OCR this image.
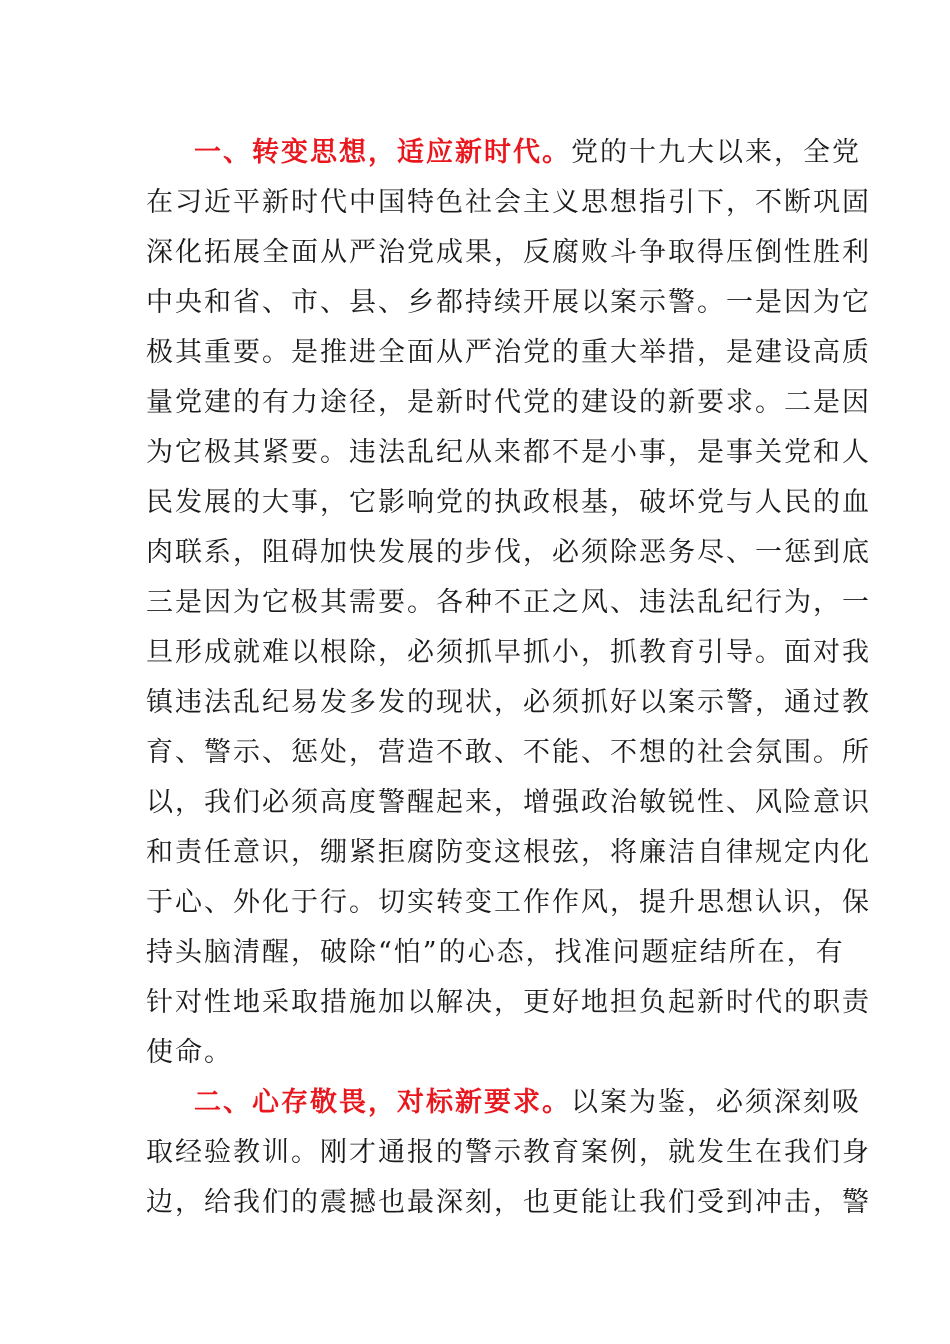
一、转变思想，适应新时代。党的十九大以来，全党
在习近平新时代中国特色社会主义思想指引下，不断巩固
深化拓展全面从严治党成果，反腐败斗争取得压倒性胜利
中央和省、市、县、乡都持续开展以案示警。一是因为它
极其重要。是推进全面从严治党的重大举措，是建设高质
量党建的有力途径，是新时代党的建设的新要求。二是因
为它极其紧要。违法乱纪从来都不是小事，是事关党和人
民发展的大事，它影响党的执政根基，破坏党与人民的血
肉联系，阻碍加快发展的步伐，必须除恶务尽、一惩到底
三是因为它极其需要。各种不正之风、违法乱纪行为，一
旦形成就难以根除，必须抓早抓小，抓教育引导。面对我
镇违法乱纪易发多发的现状，必须抓好以案示警，通过教
育、警示、惩处，营造不敢、不能、不想的社会氛围。所
以，我们必须高度警醒起来，增强政治敏锐性、风险意识
和责任意识，绷紧拒腐防变这根弦，将廉洁自律规定内化
于心、外化于行。切实转变工作作风，提升思想认识，保
持头脑清醒，破除“怕”的心态，找准问题症结所在，有
针对性地采取措施加以解决，更好地担负起新时代的职责
使命。
二、心存敬畏，对标新要求。以案为鉴，必须深刻吸
取经验教训。刚才通报的警示教育案例，就发生在我们身
边，给我们的震撼也最深刻，也更能让我们受到冲击，警
